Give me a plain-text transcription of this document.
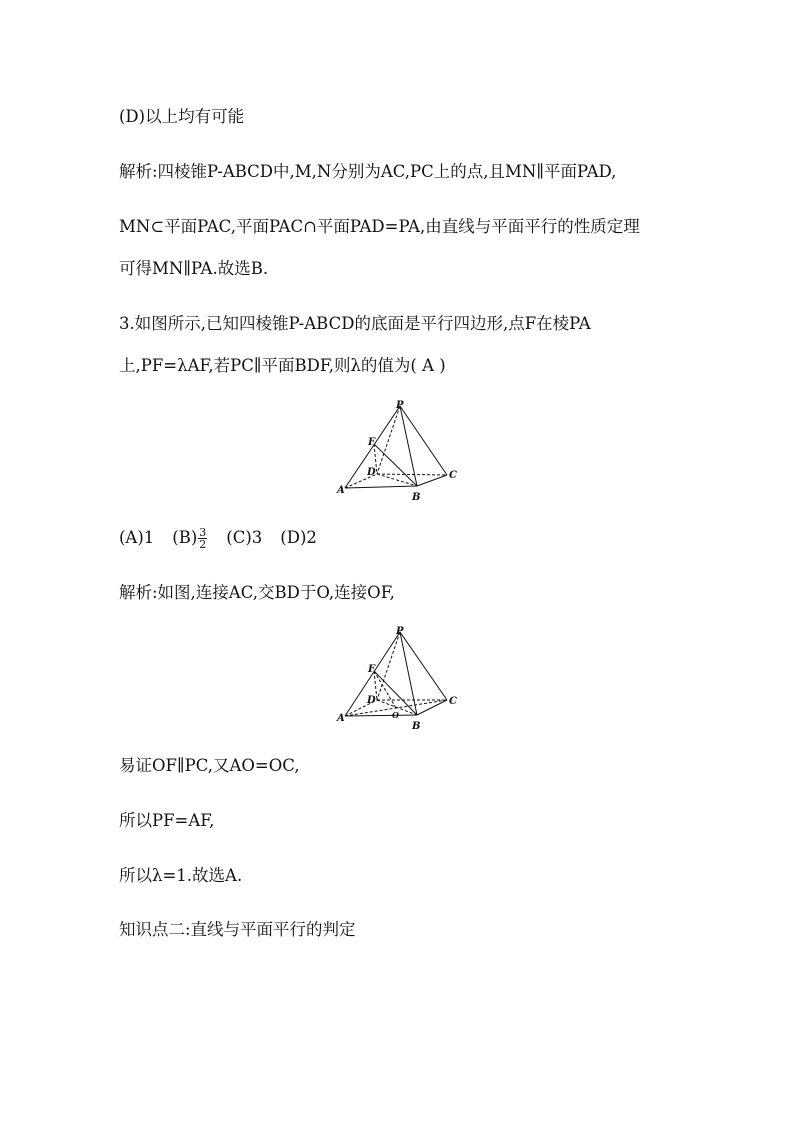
(D)以上均有可能
解析:四棱锥P-ABCD中,M,N分别为AC,PC上的点,且MN∥平面PAD,
MN⊂平面PAC,平面PAC∩平面PAD=PA,由直线与平面平行的性质定理
可得MN∥PA.故选B.
3.如图所示,已知四棱锥P-ABCD的底面是平行四边形,点F在棱PA
上,PF=λAF,若PC∥平面BDF,则λ的值为( A )
P
F
D	C
A
B
(A)1 $(B) \frac{3}{2} (C)3$ (D)2
解析:如图,连接AC,交BD于O,连接OF,
P
F
D
O
C
A
B
易证OF∥PC,又AO=OC,
所以PF=AF,
所以λ=1.故选A.
知识点二:直线与平面平行的判定
